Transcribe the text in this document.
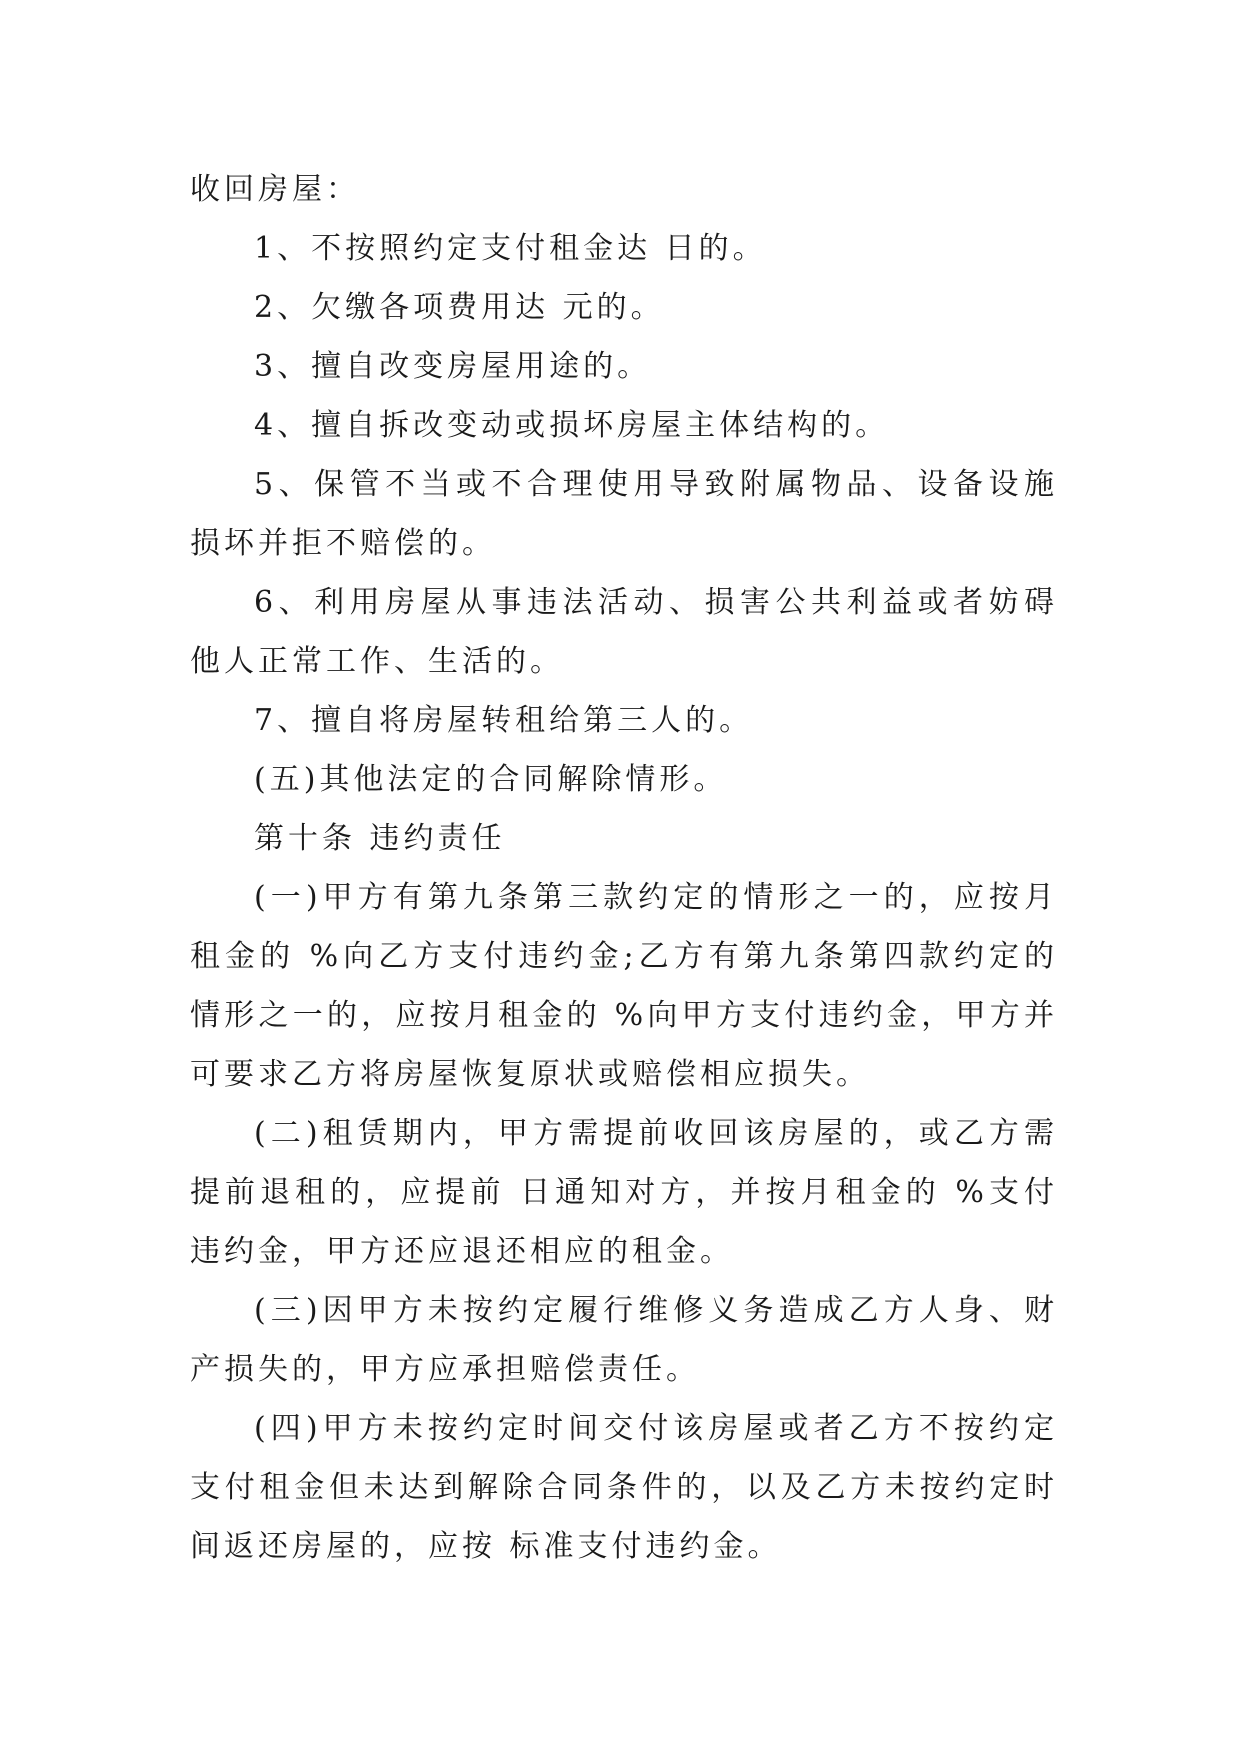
收回房屋：

1、不按照约定支付租金达 日的。

2、欠缴各项费用达 元的。

3、擅自改变房屋用途的。

4、擅自拆改变动或损坏房屋主体结构的。

5、保管不当或不合理使用导致附属物品、设备设施损坏并拒不赔偿的。

6、利用房屋从事违法活动、损害公共利益或者妨碍他人正常工作、生活的。

7、擅自将房屋转租给第三人的。

(五)其他法定的合同解除情形。

第十条 违约责任

(一)甲方有第九条第三款约定的情形之一的，应按月租金的 %向乙方支付违约金;乙方有第九条第四款约定的情形之一的，应按月租金的 %向甲方支付违约金，甲方并可要求乙方将房屋恢复原状或赔偿相应损失。

(二)租赁期内，甲方需提前收回该房屋的，或乙方需提前退租的，应提前 日通知对方，并按月租金的 %支付违约金，甲方还应退还相应的租金。

(三)因甲方未按约定履行维修义务造成乙方人身、财产损失的，甲方应承担赔偿责任。

(四)甲方未按约定时间交付该房屋或者乙方不按约定支付租金但未达到解除合同条件的，以及乙方未按约定时间返还房屋的，应按 标准支付违约金。
